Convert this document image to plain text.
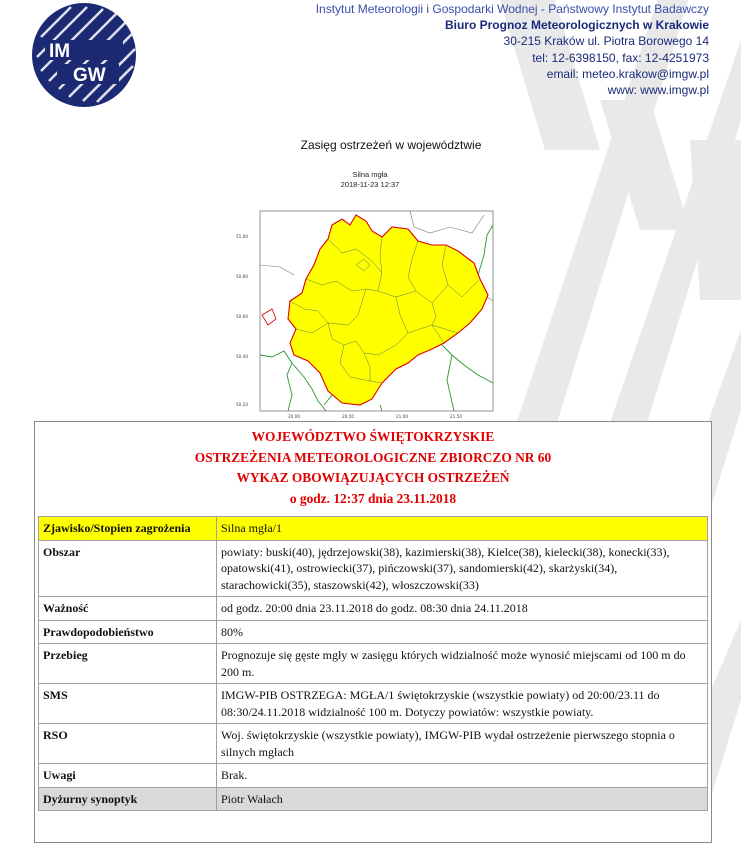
IM
GW
Instytut Meteorologii i Gospodarki Wodnej - Państwowy Instytut Badawczy
Biuro Prognoz Meteorologicznych w Krakowie
30-215 Kraków ul. Piotra Borowego 14
tel: 12-6398150, fax: 12-4251973
email: meteo.krakow@imgw.pl
www: www.imgw.pl
Zasięg ostrzeżeń w województwie
Silna mgła
2018-11-23 12:37
51.00
50.80
50.60
50.40
50.20
20.00	20.50	21.00	21.50
WOJEWÓDZTWO ŚWIĘTOKRZYSKIE
OSTRZEŻENIA METEOROLOGICZNE ZBIORCZO NR 60
WYKAZ OBOWIĄZUJĄCYCH OSTRZEŻEŃ
o godz. 12:37 dnia 23.11.2018
Zjawisko/Stopien zagrożenia	Silna mgła/1
Obszar	powiaty: buski(40), jędrzejowski(38), kazimierski(38), Kielce(38), kielecki(38), konecki(33), opatowski(41), ostrowiecki(37), pińczowski(37), sandomierski(42), skarżyski(34), starachowicki(35), staszowski(42), włoszczowski(33)
Ważność	od godz. 20:00 dnia 23.11.2018 do godz. 08:30 dnia 24.11.2018
Prawdopodobieństwo	80%
Przebieg	Prognozuje się gęste mgły w zasięgu których widzialność może wynosić miejscami od 100 m do 200 m.
SMS	IMGW-PIB OSTRZEGA: MGŁA/1 świętokrzyskie (wszystkie powiaty) od 20:00/23.11 do 08:30/24.11.2018 widzialność 100 m. Dotyczy powiatów: wszystkie powiaty.
RSO	Woj. świętokrzyskie (wszystkie powiaty), IMGW-PIB wydał ostrzeżenie pierwszego stopnia o silnych mgłach
Uwagi	Brak.
Dyżurny synoptyk	Piotr Wałach
